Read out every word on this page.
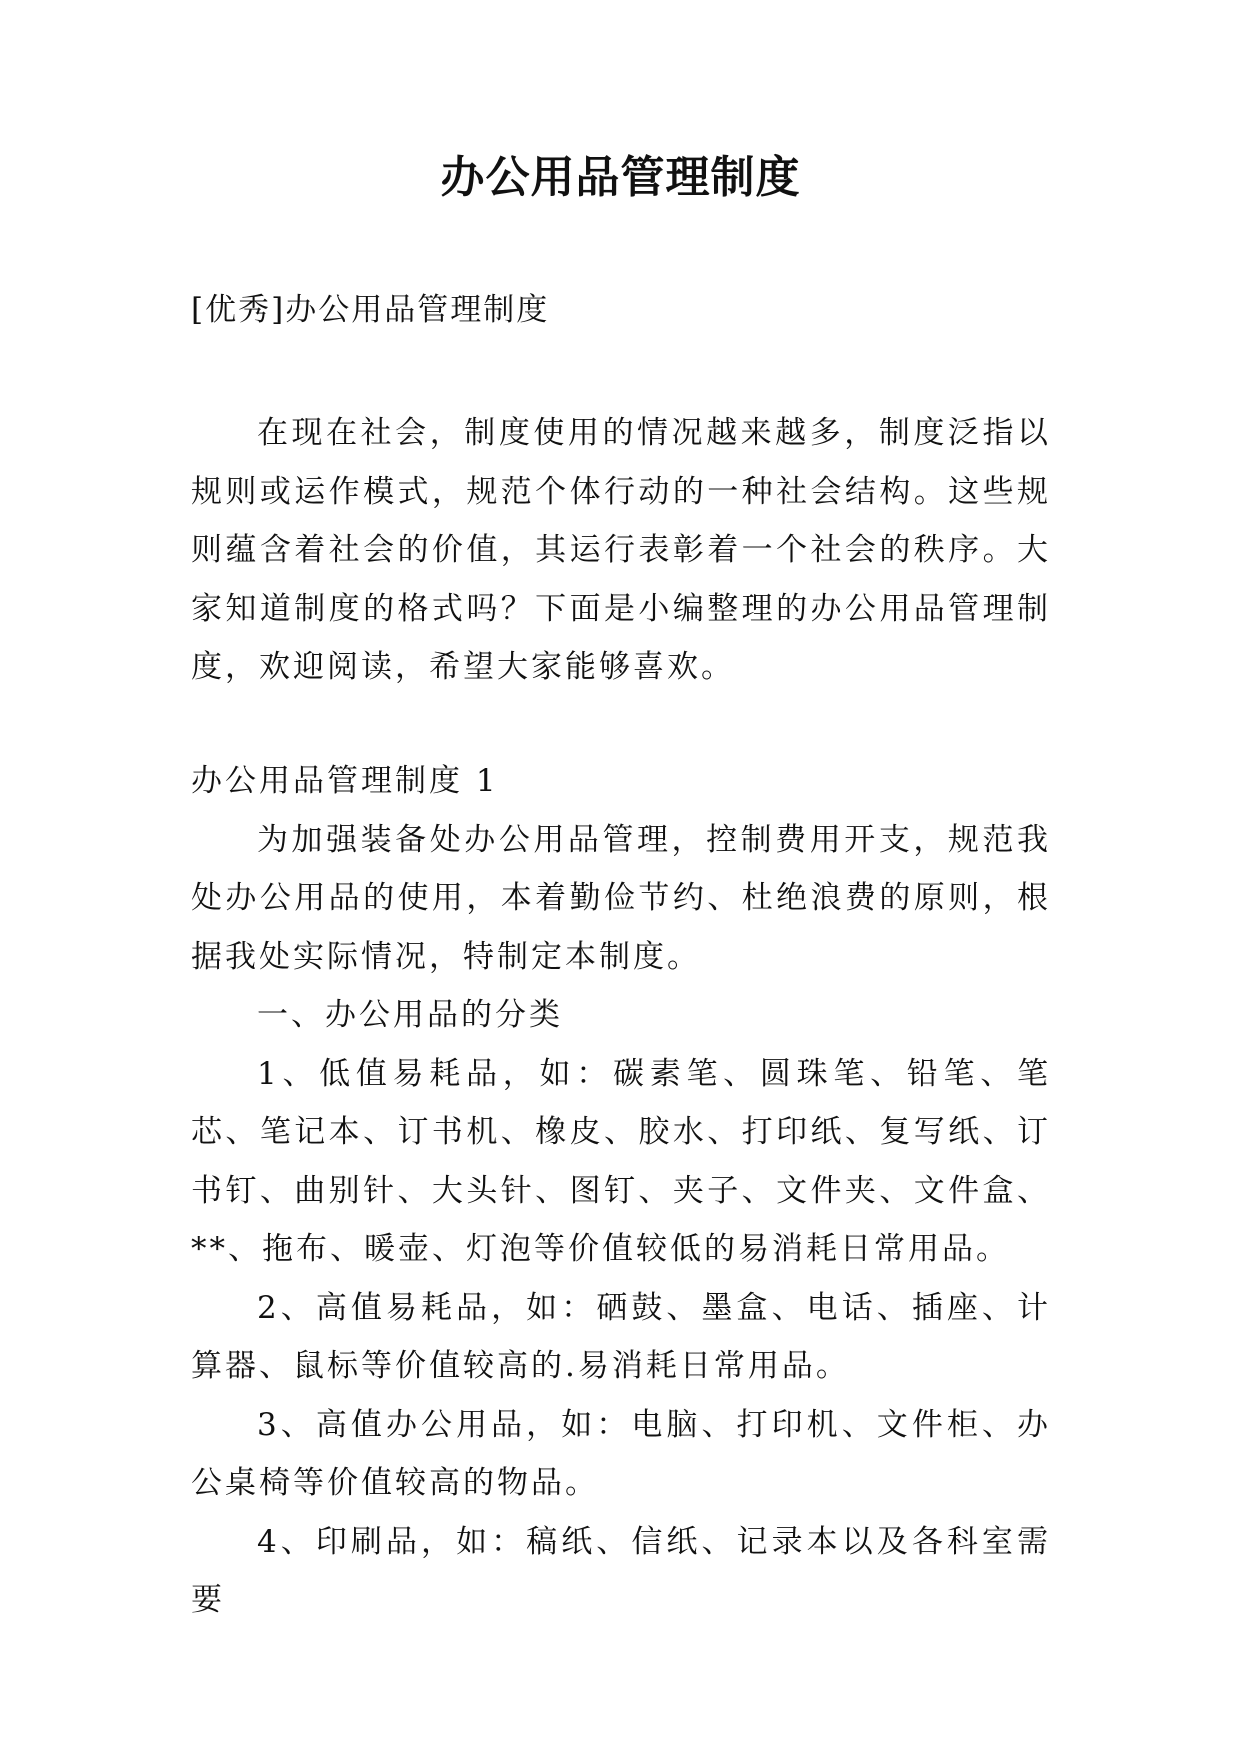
办公用品管理制度
[优秀]办公用品管理制度

在现在社会，制度使用的情况越来越多，制度泛指以规则或运作模式，规范个体行动的一种社会结构。这些规则蕴含着社会的价值，其运行表彰着一个社会的秩序。大家知道制度的格式吗？下面是小编整理的办公用品管理制度，欢迎阅读，希望大家能够喜欢。

办公用品管理制度 1

为加强装备处办公用品管理，控制费用开支，规范我处办公用品的使用，本着勤俭节约、杜绝浪费的原则，根据我处实际情况，特制定本制度。

一、办公用品的分类

1、低值易耗品，如：碳素笔、圆珠笔、铅笔、笔芯、笔记本、订书机、橡皮、胶水、打印纸、复写纸、订书钉、曲别针、大头针、图钉、夹子、文件夹、文件盒、**、拖布、暖壶、灯泡等价值较低的易消耗日常用品。

2、高值易耗品，如：硒鼓、墨盒、电话、插座、计算器、鼠标等价值较高的.易消耗日常用品。

3、高值办公用品，如：电脑、打印机、文件柜、办公桌椅等价值较高的物品。

4、印刷品，如：稿纸、信纸、记录本以及各科室需要
